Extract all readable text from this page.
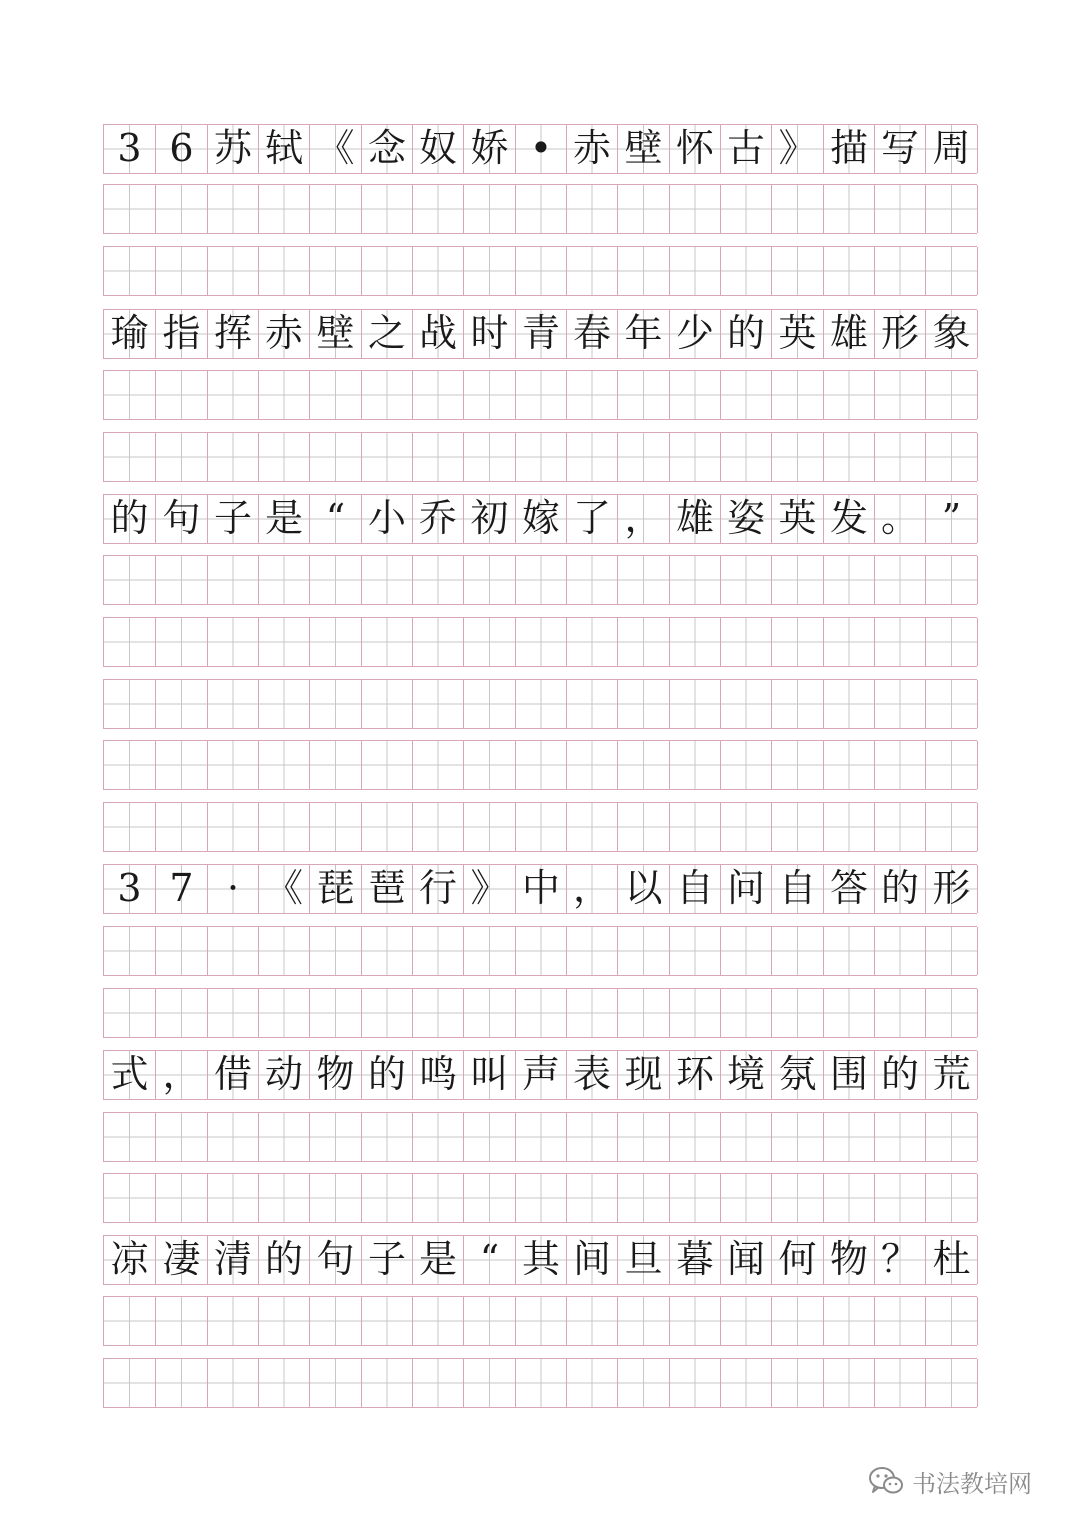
3 6 苏 轼 《 念 奴 娇 • 赤 壁 怀 古 》 描 写 周
瑜 指 挥 赤 壁 之 战 时 青 春 年 少 的 英 雄 形 象
的 句 子 是 “ 小 乔 初 嫁 了 ， 雄 姿 英 发 。 ”
3 7 · 《 琵 琶 行 》 中 ， 以 自 问 自 答 的 形
式 ， 借 动 物 的 鸣 叫 声 表 现 环 境 氛 围 的 荒
凉 凄 清 的 句 子 是 “ 其 间 旦 暮 闻 何 物 ？ 杜
书法教培网
